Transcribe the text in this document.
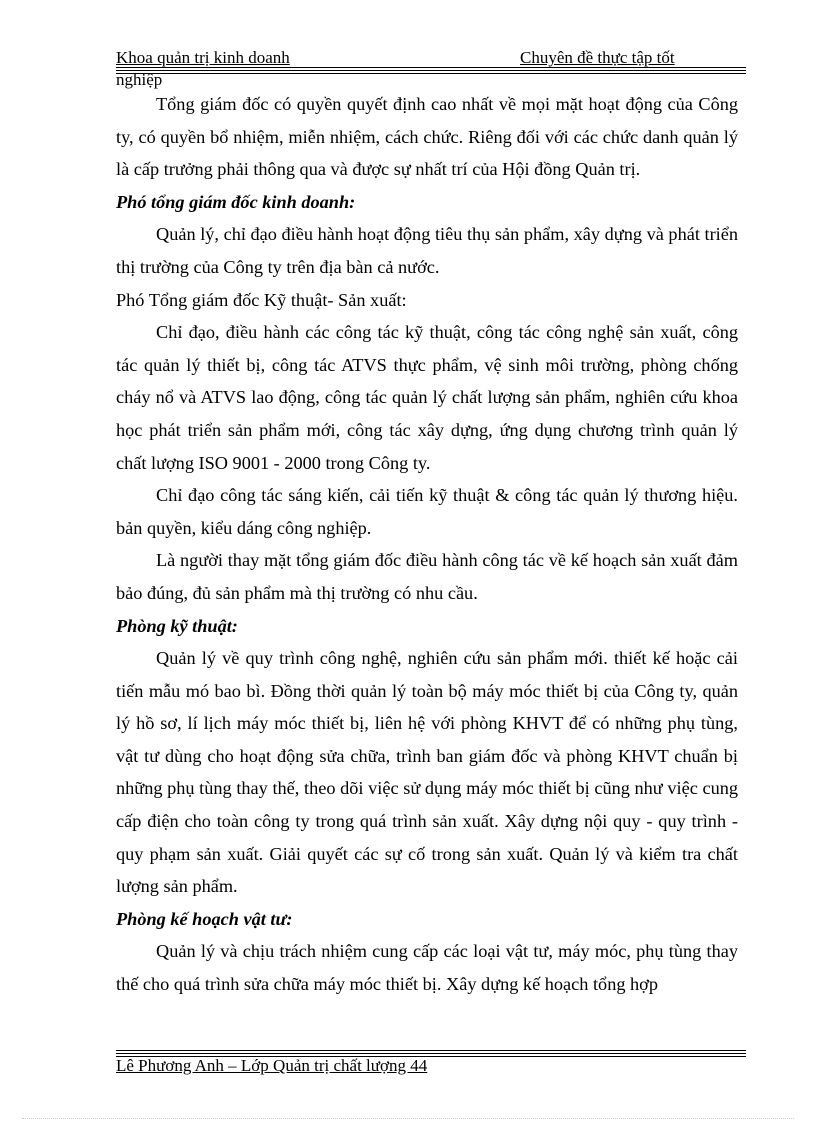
Khoa quản trị kinh doanh	Chuyên đề thực tập tốt
nghiệp

Tổng giám đốc có quyền quyết định cao nhất về mọi mặt hoạt động của Công ty, có quyền bổ nhiệm, miễn nhiệm, cách chức. Riêng đối với các chức danh quản lý là cấp trưởng phải thông qua và được sự nhất trí của Hội đồng Quản trị.

Phó tổng giám đốc kinh doanh:

Quản lý, chỉ đạo điều hành hoạt động tiêu thụ sản phẩm, xây dựng và phát triển thị trường của Công ty trên địa bàn cả nước.

Phó Tổng giám đốc Kỹ thuật- Sản xuất:

Chỉ đạo, điều hành các công tác kỹ thuật, công tác công nghệ sản xuất, công tác quản lý thiết bị, công tác ATVS thực phẩm, vệ sinh môi trường, phòng chống cháy nổ và ATVS lao động, công tác quản lý chất lượng sản phẩm, nghiên cứu khoa học phát triển sản phẩm mới, công tác xây dựng, ứng dụng chương trình quản lý chất lượng ISO 9001 - 2000 trong Công ty.

Chỉ đạo công tác sáng kiến, cải tiến kỹ thuật & công tác quản lý thương hiệu. bản quyền, kiểu dáng công nghiệp.

Là người thay mặt tổng giám đốc điều hành công tác về kế hoạch sản xuất đảm bảo đúng, đủ sản phẩm mà thị trường có nhu cầu.

Phòng kỹ thuật:

Quản lý về quy trình công nghệ, nghiên cứu sản phẩm mới. thiết kế hoặc cải tiến mẫu mó bao bì. Đồng thời quản lý toàn bộ máy móc thiết bị của Công ty, quản lý hồ sơ, lí lịch máy móc thiết bị, liên hệ với phòng KHVT để có những phụ tùng, vật tư dùng cho hoạt động sửa chữa, trình ban giám đốc và phòng KHVT chuẩn bị những phụ tùng thay thế, theo dõi việc sử dụng máy móc thiết bị cũng như việc cung cấp điện cho toàn công ty trong quá trình sản xuất. Xây dựng nội quy - quy trình - quy phạm sản xuất. Giải quyết các sự cố trong sản xuất. Quản lý và kiểm tra chất lượng sản phẩm.

Phòng kế hoạch vật tư:

Quản lý và chịu trách nhiệm cung cấp các loại vật tư, máy móc, phụ tùng thay thế cho quá trình sửa chữa máy móc thiết bị. Xây dựng kế hoạch tổng hợp

Lê Phương Anh – Lớp Quản trị chất lượng 44
